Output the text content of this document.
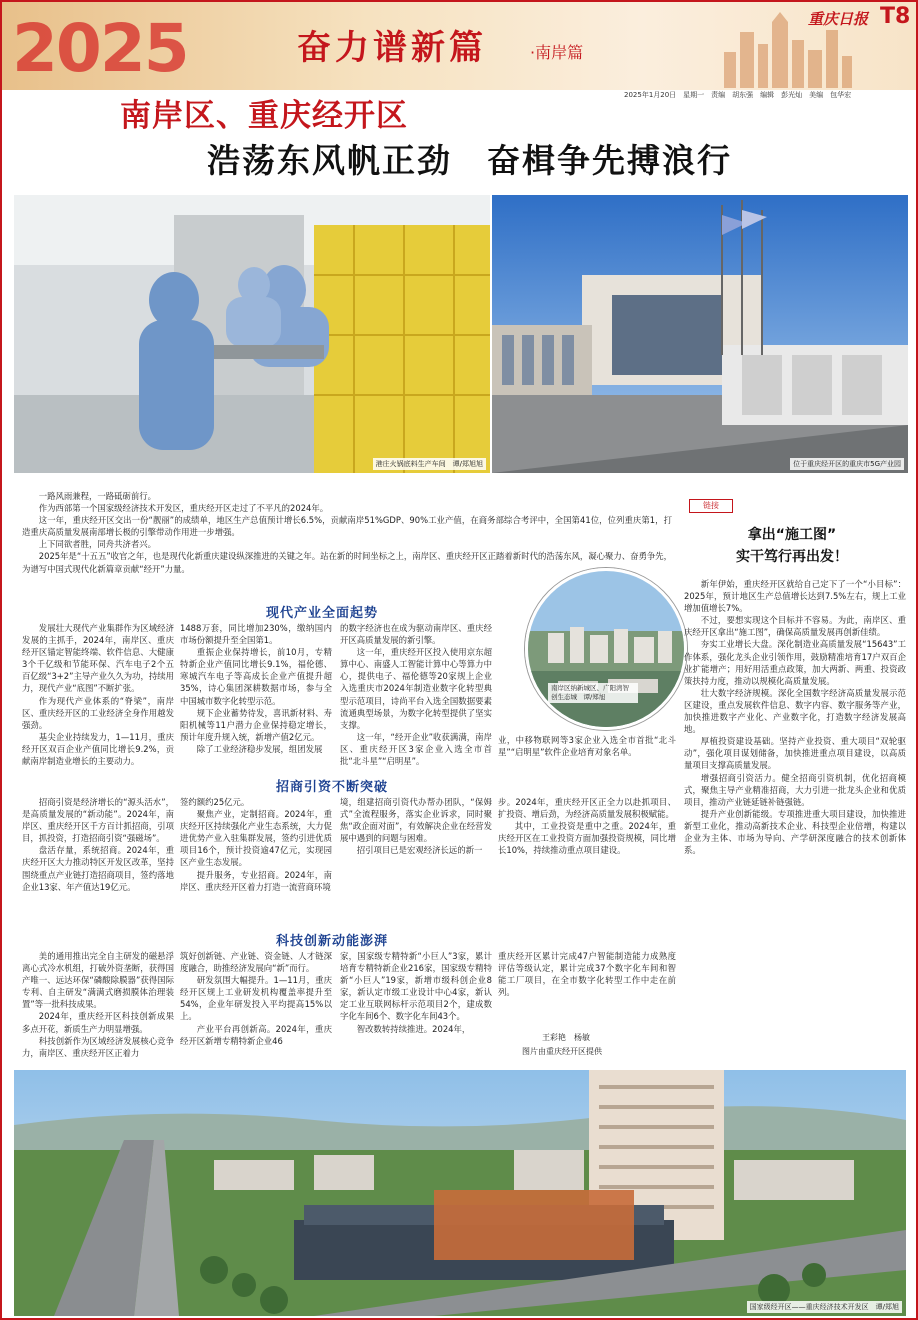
2025	奋力谱新篇	·南岸篇
重庆日报 T8
2025年1月20日　星期一　责编　胡东强　编辑　彭光灿　美编　包华宏
南岸区、重庆经开区
浩荡东风帆正劲　奋楫争先搏浪行
港庄火锅底料生产车间　谭/郑旭旭	位于重庆经开区的重庆市5G产业园

一路风雨兼程，一路砥砺前行。

作为西部第一个国家级经济技术开发区，重庆经开区走过了不平凡的2024年。

这一年，重庆经开区交出一份“靓丽”的成绩单，地区生产总值预计增长6.5%，贡献南岸51%GDP、90%工业产值，在商务部综合考评中，全国第41位，位列重庆第1，打造重庆高质量发展南部增长极的引擎带动作用进一步增强。

上下同欲者胜，同舟共济者兴。

2025年是“十五五”收官之年，也是现代化新重庆建设纵深推进的关键之年。站在新的时间坐标之上，南岸区、重庆经开区正踏着新时代的浩荡东风，凝心聚力、奋勇争先，为谱写中国式现代化新篇章贡献“经开”力量。

南岸区纳新城区、广阳湾智创生态城　谭/郑旭
现代产业全面起势

发展壮大现代产业集群作为区域经济发展的主抓手，2024年，南岸区、重庆经开区锚定智能终端、软件信息、大健康3个千亿级和节能环保、汽车电子2个五百亿级“3+2”主导产业久久为功，持续用力，现代产业“底图”不断扩张。

作为现代产业体系的“脊梁”，南岸区、重庆经开区的工业经济全身作用越发强劲。

基尖企业持续发力，1—11月，重庆经开区双百企业产值同比增长9.2%，贡献南岸制造业增长的主要动力。

1488万套，同比增加230%，缴纳国内市场份额提升至全国第1。

重振企业保持增长，前10月，专精特新企业产值同比增长9.1%，福伦德、寒城汽车电子等高成长企业产值提升超35%，诗心集团深耕数据市场，参与全中国城市数字化转型示范。

规下企业蓄势待发，喜讯新材料、寿阳机械等11户潜力企业保持稳定增长，预计年度升规入统，新增产值2亿元。

除了工业经济稳步发展，组团发展

的数字经济也在成为驱动南岸区、重庆经开区高质量发展的新引擎。

这一年，重庆经开区投入使用京东超算中心、南盛人工智能计算中心等算力中心，提供电子、福伦德等20家规上企业入选重庆市2024年制造业数字化转型典型示范项目，诗尚平台入选全国数据要素流通典型场景，为数字化转型提供了坚实支撑。

这一年，“经开企业”收获满满，南岸区、重庆经开区3家企业入选全市首批“北斗星”“启明星”。

业，中移物联网等3家企业入选全市首批“北斗星”“启明星”软件企业培育对象名单。

招商引资不断突破

招商引资是经济增长的“源头活水”，是高质量发展的“新动能”。2024年，南岸区、重庆经开区千方百计抓招商，引项目，抓投资，打造招商引资“强磁场”。

盘活存量，系统招商。2024年，重庆经开区大力推动特区开发区改革，坚持围绕重点产业链打造招商项目，签约落地企业13家、年产值达19亿元。

签约额约25亿元。

聚焦产业，定制招商。2024年，重庆经开区持续强化产业生态系统，大力促进优势产业入驻集群发展，签约引进优质项目16个，预计投资逾47亿元，实现园区产业生态发展。

提升服务，专业招商。2024年，南岸区、重庆经开区着力打造一流营商环境

境，组建招商引资代办帮办团队，“保姆式”全流程服务，落实企业诉求，同时聚焦“政企面对面”，有效解决企业在经营发展中遇到的问题与困难。

招引项目已是宏观经济长远的新一

步。2024年，重庆经开区正全力以赴抓项目、扩投资、增后劲，为经济高质量发展积极赋能。

其中，工业投资是重中之重。2024年，重庆经开区在工业投资方面加强投资规模，同比增长10%，持续推动重点项目建设。

科技创新动能澎湃

美的通用推出完全自主研发的磁悬浮离心式冷水机组，打破外资垄断，获得国产唯一、远达环保“磷酸除膜器”获得国际专利、自主研发“满满式磨损膜体治理装置”等一批科技成果。

2024年，重庆经开区科技创新成果多点开花，新质生产力明显增强。

科技创新作为区域经济发展核心竞争力，南岸区、重庆经开区正着力

筑好创新链、产业链、资金链、人才链深度融合，助推经济发展向“新”而行。

研发氛围大幅提升。1—11月，重庆经开区规上工业研发机构覆盖率提升至54%，企业年研发投入平均提高15%以上。

产业平台再创新高。2024年，重庆经开区新增专精特新企业46

家，国家级专精特新“小巨人”3家，累计培育专精特新企业216家，国家级专精特新“小巨人”19家，新增市级科创企业8家，新认定市级工业设计中心4家，新认定工业互联网标杆示范项目2个，建成数字化车间6个、数字化车间43个。

智改数转持续推进。2024年，

重庆经开区累计完成47户智能制造能力成熟度评估等级认定，累计完成37个数字化车间和智能工厂项目，在全市数字化转型工作中走在前列。

王彩艳　杨敏
图片由重庆经开区提供
链接
拿出“施工图”
实干笃行再出发！

新年伊始，重庆经开区就给自己定下了一个“小目标”：2025年，预计地区生产总值增长达到7.5%左右，规上工业增加值增长7%。

不过，要想实现这个目标并不容易。为此，南岸区、重庆经开区拿出“施工图”，确保高质量发展再创新佳绩。

夯实工业增长大盘。深化制造业高质量发展“15643”工作体系，强化龙头企业引领作用，鼓励精准培育17户双百企业扩能增产；用好用活重点政策，加大两新、两重、投资政策扶持力度，推动以规模化高质量发展。

壮大数字经济规模。深化全国数字经济高质量发展示范区建设，重点发展软件信息、数字内容、数字服务等产业，加快推进数字产业化、产业数字化，打造数字经济发展高地。

厚植投资建设基础。坚持产业投资、重大项目“双轮驱动”，强化项目谋划储备，加快推进重点项目建设，以高质量项目支撑高质量发展。

增强招商引资活力。健全招商引资机制，优化招商模式，聚焦主导产业精准招商，大力引进一批龙头企业和优质项目，推动产业链延链补链强链。

提升产业创新能级。专项推进重大项目建设，加快推进新型工业化，推动高新技术企业、科技型企业倍增，构建以企业为主体、市场为导向、产学研深度融合的技术创新体系。

国家级经开区——重庆经济技术开发区　谭/郑旭
